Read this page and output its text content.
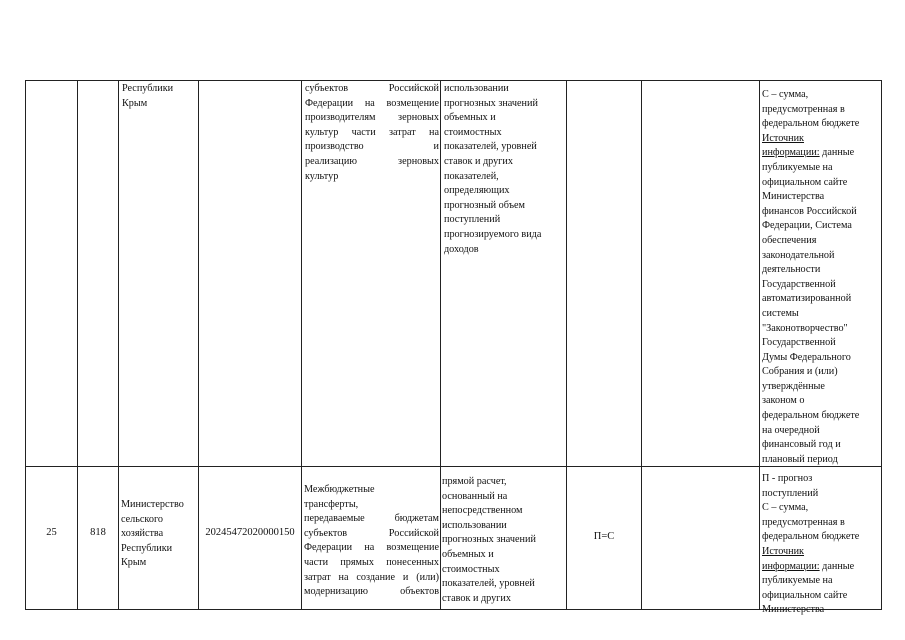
Республики
Крым
субъектов Российской
Федерации на возмещение
производителям зерновых
культур части затрат на
производство и
реализацию зерновых
культур
использовании
прогнозных значений
объемных и
стоимостных
показателей, уровней
ставок и других
показателей,
определяющих
прогнозный объем
поступлений
прогнозируемого вида
доходов
С – сумма,
предусмотренная в
федеральном бюджете
Источник
информации: данные
публикуемые на
официальном сайте
Министерства
финансов Российской
Федерации, Система
обеспечения
законодательной
деятельности
Государственной
автоматизированной
системы
"Законотворчество"
Государственной
Думы Федерального
Собрания и (или)
утверждённые
законом о
федеральном бюджете
на очередной
финансовый год и
плановый период
25	818
Министерство
сельского
хозяйства
Республики
Крым
20245472020000150
Межбюджетные
трансферты,
передаваемые бюджетам
субъектов Российской
Федерации на возмещение
части прямых понесенных
затрат на создание и (или)
модернизацию объектов
прямой расчет,
основанный на
непосредственном
использовании
прогнозных значений
объемных и
стоимостных
показателей, уровней
ставок и других
П=С
П - прогноз
поступлений
С – сумма,
предусмотренная в
федеральном бюджете
Источник
информации: данные
публикуемые на
официальном сайте
Министерства
